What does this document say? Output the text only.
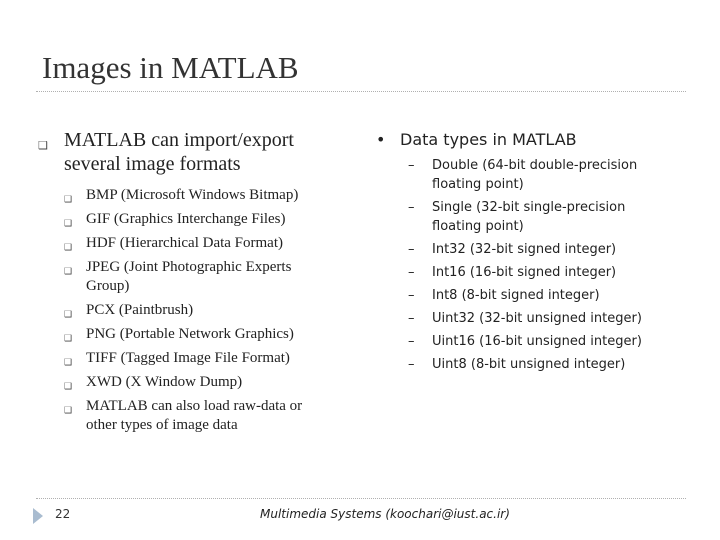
Images in MATLAB
❑ MATLAB can import/export several image formats
❑ BMP (Microsoft Windows Bitmap)
❑ GIF (Graphics Interchange Files)
❑ HDF (Hierarchical Data Format)
❑ JPEG (Joint Photographic Experts Group)
❑ PCX (Paintbrush)
❑ PNG (Portable Network Graphics)
❑ TIFF (Tagged Image File Format)
❑ XWD (X Window Dump)
❑ MATLAB can also load raw-data or other types of image data
• Data types in MATLAB
– Double (64-bit double-precision floating point)
– Single (32-bit single-precision floating point)
– Int32 (32-bit signed integer)
– Int16 (16-bit signed integer)
– Int8 (8-bit signed integer)
– Uint32 (32-bit unsigned integer)
– Uint16 (16-bit unsigned integer)
– Uint8 (8-bit unsigned integer)
22	Multimedia Systems (koochari@iust.ac.ir)
